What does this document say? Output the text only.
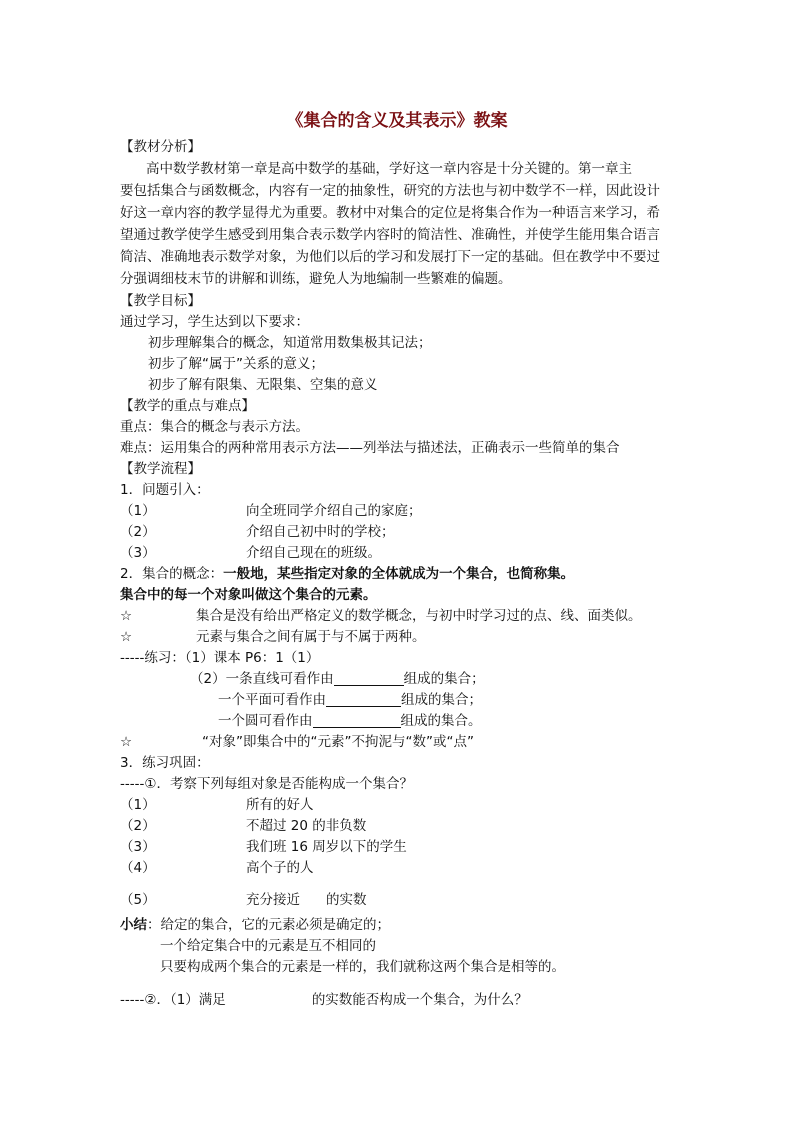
《集合的含义及其表示》教案
【教材分析】
高中数学教材第一章是高中数学的基础，学好这一章内容是十分关键的。第一章主
要包括集合与函数概念，内容有一定的抽象性，研究的方法也与初中数学不一样，因此设计
好这一章内容的教学显得尤为重要。教材中对集合的定位是将集合作为一种语言来学习，希
望通过教学使学生感受到用集合表示数学内容时的简洁性、准确性，并使学生能用集合语言
简洁、准确地表示数学对象，为他们以后的学习和发展打下一定的基础。但在教学中不要过
分强调细枝末节的讲解和训练，避免人为地编制一些繁难的偏题。
【教学目标】
通过学习，学生达到以下要求：
初步理解集合的概念，知道常用数集极其记法；
初步了解“属于”关系的意义；
初步了解有限集、无限集、空集的意义
【教学的重点与难点】
重点：集合的概念与表示方法。
难点：运用集合的两种常用表示方法——列举法与描述法，正确表示一些简单的集合
【教学流程】
1．问题引入：
（1）	向全班同学介绍自己的家庭；
（2）	介绍自己初中时的学校；
（3）	介绍自己现在的班级。
2．集合的概念：一般地，某些指定对象的全体就成为一个集合，也简称集。
集合中的每一个对象叫做这个集合的元素。
☆	集合是没有给出严格定义的数学概念，与初中时学习过的点、线、面类似。
☆	元素与集合之间有属于与不属于两种。
-----练习：（1）课本 P6：1（1）
（2）一条直线可看作由	组成的集合；
一个平面可看作由	组成的集合；
一个圆可看作由	组成的集合。
☆	“对象”即集合中的“元素”不拘泥与“数”或“点”
3．练习巩固：
-----①．考察下列每组对象是否能构成一个集合？
（1）	所有的好人
（2）	不超过 20 的非负数
（3）	我们班 16 周岁以下的学生
（4）	高个子的人
（5）	充分接近 的实数
小结：给定的集合，它的元素必须是确定的；
一个给定集合中的元素是互不相同的
只要构成两个集合的元素是一样的，我们就称这两个集合是相等的。
-----②．（1）满足	的实数能否构成一个集合，为什么？
